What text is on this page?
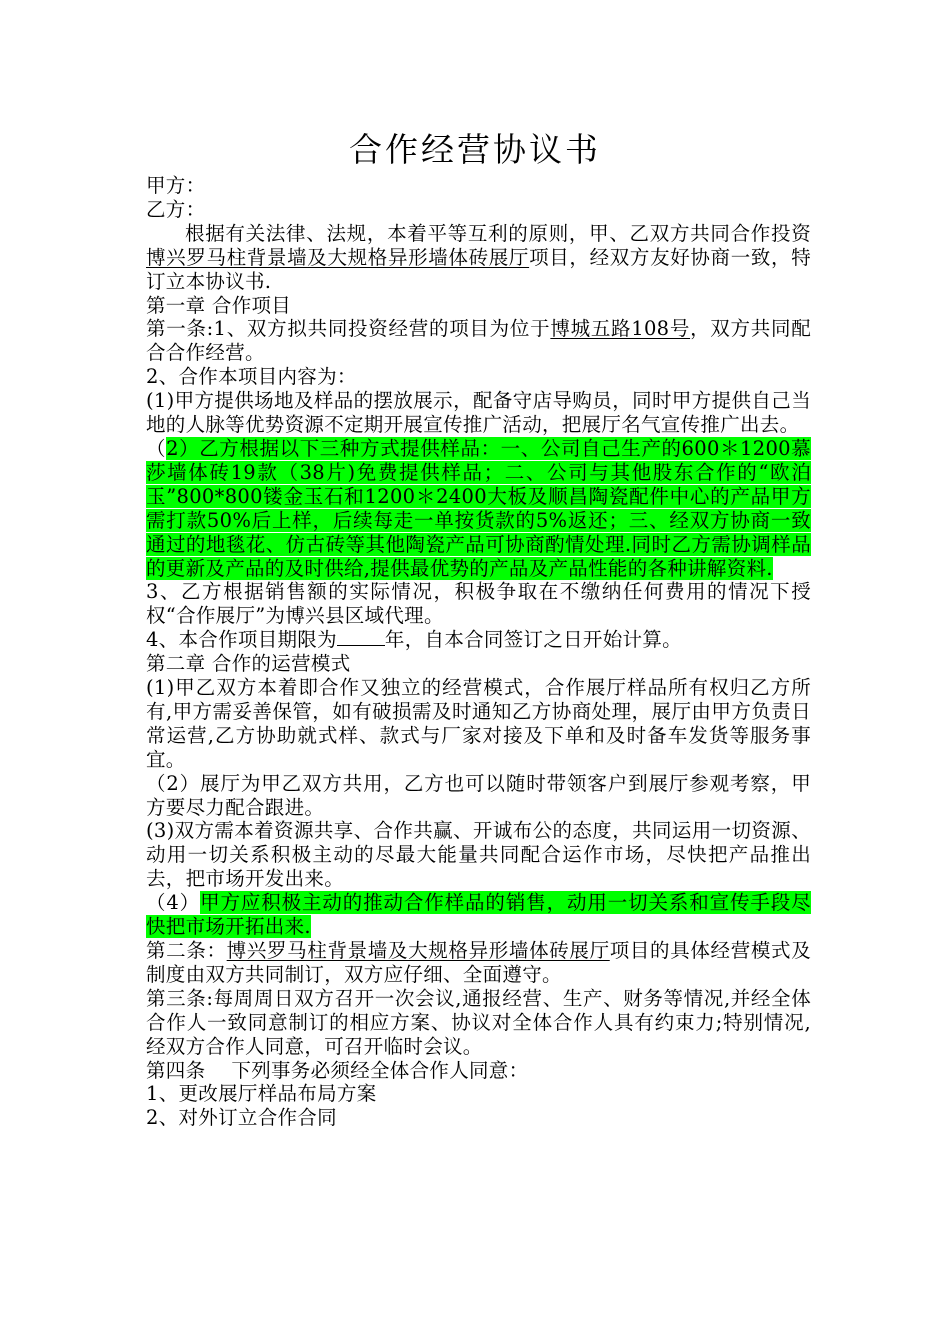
合作经营协议书

甲方：

乙方：

根据有关法律、法规，本着平等互利的原则，甲、乙双方共同合作投资博兴罗马柱背景墙及大规格异形墙体砖展厅项目，经双方友好协商一致，特订立本协议书.

第一章 合作项目

第一条:1、双方拟共同投资经营的项目为位于博城五路108号，双方共同配合合作经营。

2、合作本项目内容为：

(1)甲方提供场地及样品的摆放展示，配备守店导购员，同时甲方提供自己当地的人脉等优势资源不定期开展宣传推广活动，把展厅名气宣传推广出去。

（2）乙方根据以下三种方式提供样品：一、公司自己生产的600＊1200慕莎墙体砖19款（38片)免费提供样品；二、公司与其他股东合作的“欧泊玉”800*800镂金玉石和1200＊2400大板及顺昌陶瓷配件中心的产品甲方需打款50%后上样，后续每走一单按货款的5%返还；三、经双方协商一致通过的地毯花、仿古砖等其他陶瓷产品可协商酌情处理.同时乙方需协调样品的更新及产品的及时供给,提供最优势的产品及产品性能的各种讲解资料.

3、乙方根据销售额的实际情况，积极争取在不缴纳任何费用的情况下授权“合作展厅”为博兴县区域代理。

4、本合作项目期限为 年，自本合同签订之日开始计算。

第二章 合作的运营模式

(1)甲乙双方本着即合作又独立的经营模式，合作展厅样品所有权归乙方所有,甲方需妥善保管，如有破损需及时通知乙方协商处理，展厅由甲方负责日常运营,乙方协助就式样、款式与厂家对接及下单和及时备车发货等服务事宜。

（2）展厅为甲乙双方共用，乙方也可以随时带领客户到展厅参观考察，甲方要尽力配合跟进。

(3)双方需本着资源共享、合作共赢、开诚布公的态度，共同运用一切资源、动用一切关系积极主动的尽最大能量共同配合运作市场，尽快把产品推出去，把市场开发出来。

（4）甲方应积极主动的推动合作样品的销售，动用一切关系和宣传手段尽快把市场开拓出来.

第二条：博兴罗马柱背景墙及大规格异形墙体砖展厅项目的具体经营模式及制度由双方共同制订，双方应仔细、全面遵守。

第三条:每周周日双方召开一次会议,通报经营、生产、财务等情况,并经全体合作人一致同意制订的相应方案、协议对全体合作人具有约束力;特别情况,经双方合作人同意，可召开临时会议。

第四条    下列事务必须经全体合作人同意：

1、更改展厅样品布局方案

2、对外订立合作合同
